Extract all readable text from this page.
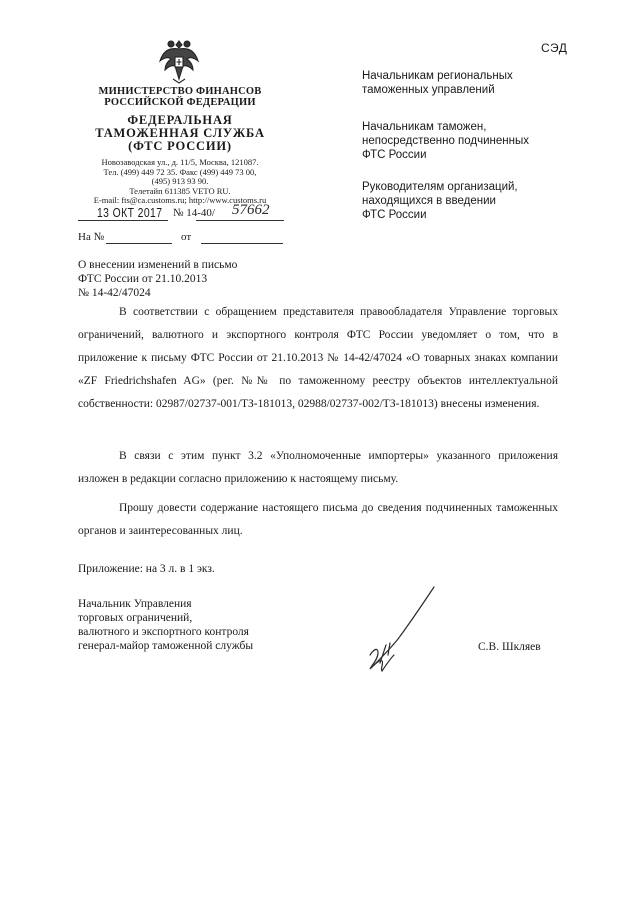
СЭД
МИНИСТЕРСТВО ФИНАНСОВ
РОССИЙСКОЙ ФЕДЕРАЦИИ
ФЕДЕРАЛЬНАЯ
ТАМОЖЕННАЯ СЛУЖБА
(ФТС РОССИИ)
Новозаводская ул., д. 11/5, Москва, 121087.
Тел. (499) 449 72 35. Факс (499) 449 73 00,
(495) 913 93 90.
Телетайп 611385 VETO RU.
E-mail: fts@ca.customs.ru; http://www.customs.ru
13 ОКТ 2017 № 14-40/ 57662
На №	от
Начальникам региональных
таможенных управлений
Начальникам таможен,
непосредственно подчиненных
ФТС России
Руководителям организаций,
находящихся в введении
ФТС России
О внесении изменений в письмо
ФТС России от 21.10.2013
№ 14-42/47024

В соответствии с обращением представителя правообладателя Управление торговых ограничений, валютного и экспортного контроля ФТС России уведомляет о том, что в приложение к письму ФТС России от 21.10.2013 № 14-42/47024 «О товарных знаках компании «ZF Friedrichshafen AG» (рег. №№ по таможенному реестру объектов интеллектуальной собственности: 02987/02737-001/ТЗ-181013, 02988/02737-002/ТЗ-181013) внесены изменения.

В связи с этим пункт 3.2 «Уполномоченные импортеры» указанного приложения изложен в редакции согласно приложению к настоящему письму.

Прошу довести содержание настоящего письма до сведения подчиненных таможенных органов и заинтересованных лиц.

Приложение: на 3 л. в 1 экз.
Начальник Управления
торговых ограничений,
валютного и экспортного контроля
генерал-майор таможенной службы	С.В. Шкляев
